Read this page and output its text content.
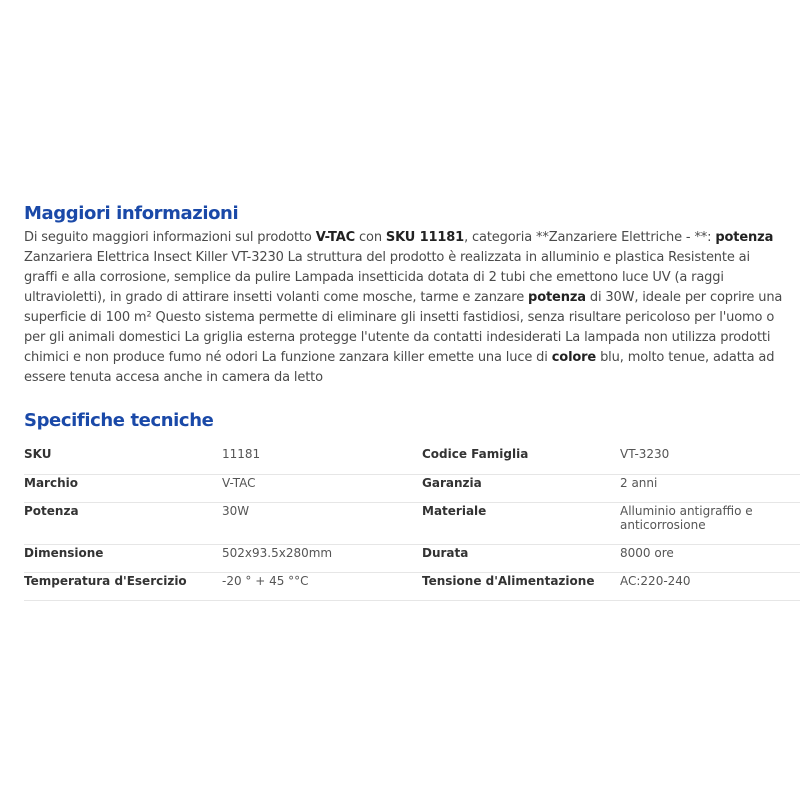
Maggiori informazioni
Di seguito maggiori informazioni sul prodotto V-TAC con SKU 11181, categoria **Zanzariere Elettriche - **: potenza Zanzariera Elettrica Insect Killer VT-3230 La struttura del prodotto è realizzata in alluminio e plastica Resistente ai graffi e alla corrosione, semplice da pulire Lampada insetticida dotata di 2 tubi che emettono luce UV (a raggi ultravioletti), in grado di attirare insetti volanti come mosche, tarme e zanzare potenza di 30W, ideale per coprire una superficie di 100 m² Questo sistema permette di eliminare gli insetti fastidiosi, senza risultare pericoloso per l'uomo o per gli animali domestici La griglia esterna protegge l'utente da contatti indesiderati La lampada non utilizza prodotti chimici e non produce fumo né odori La funzione zanzara killer emette una luce di colore blu, molto tenue, adatta ad essere tenuta accesa anche in camera da letto
Specifiche tecniche
SKU	11181	Codice Famiglia	VT-3230
Marchio	V-TAC	Garanzia	2 anni
Potenza	30W	Materiale	Alluminio antigraffio e anticorrosione
Dimensione	502x93.5x280mm	Durata	8000 ore
Temperatura d'Esercizio	-20 ° + 45 °°C	Tensione d'Alimentazione	AC:220-240
